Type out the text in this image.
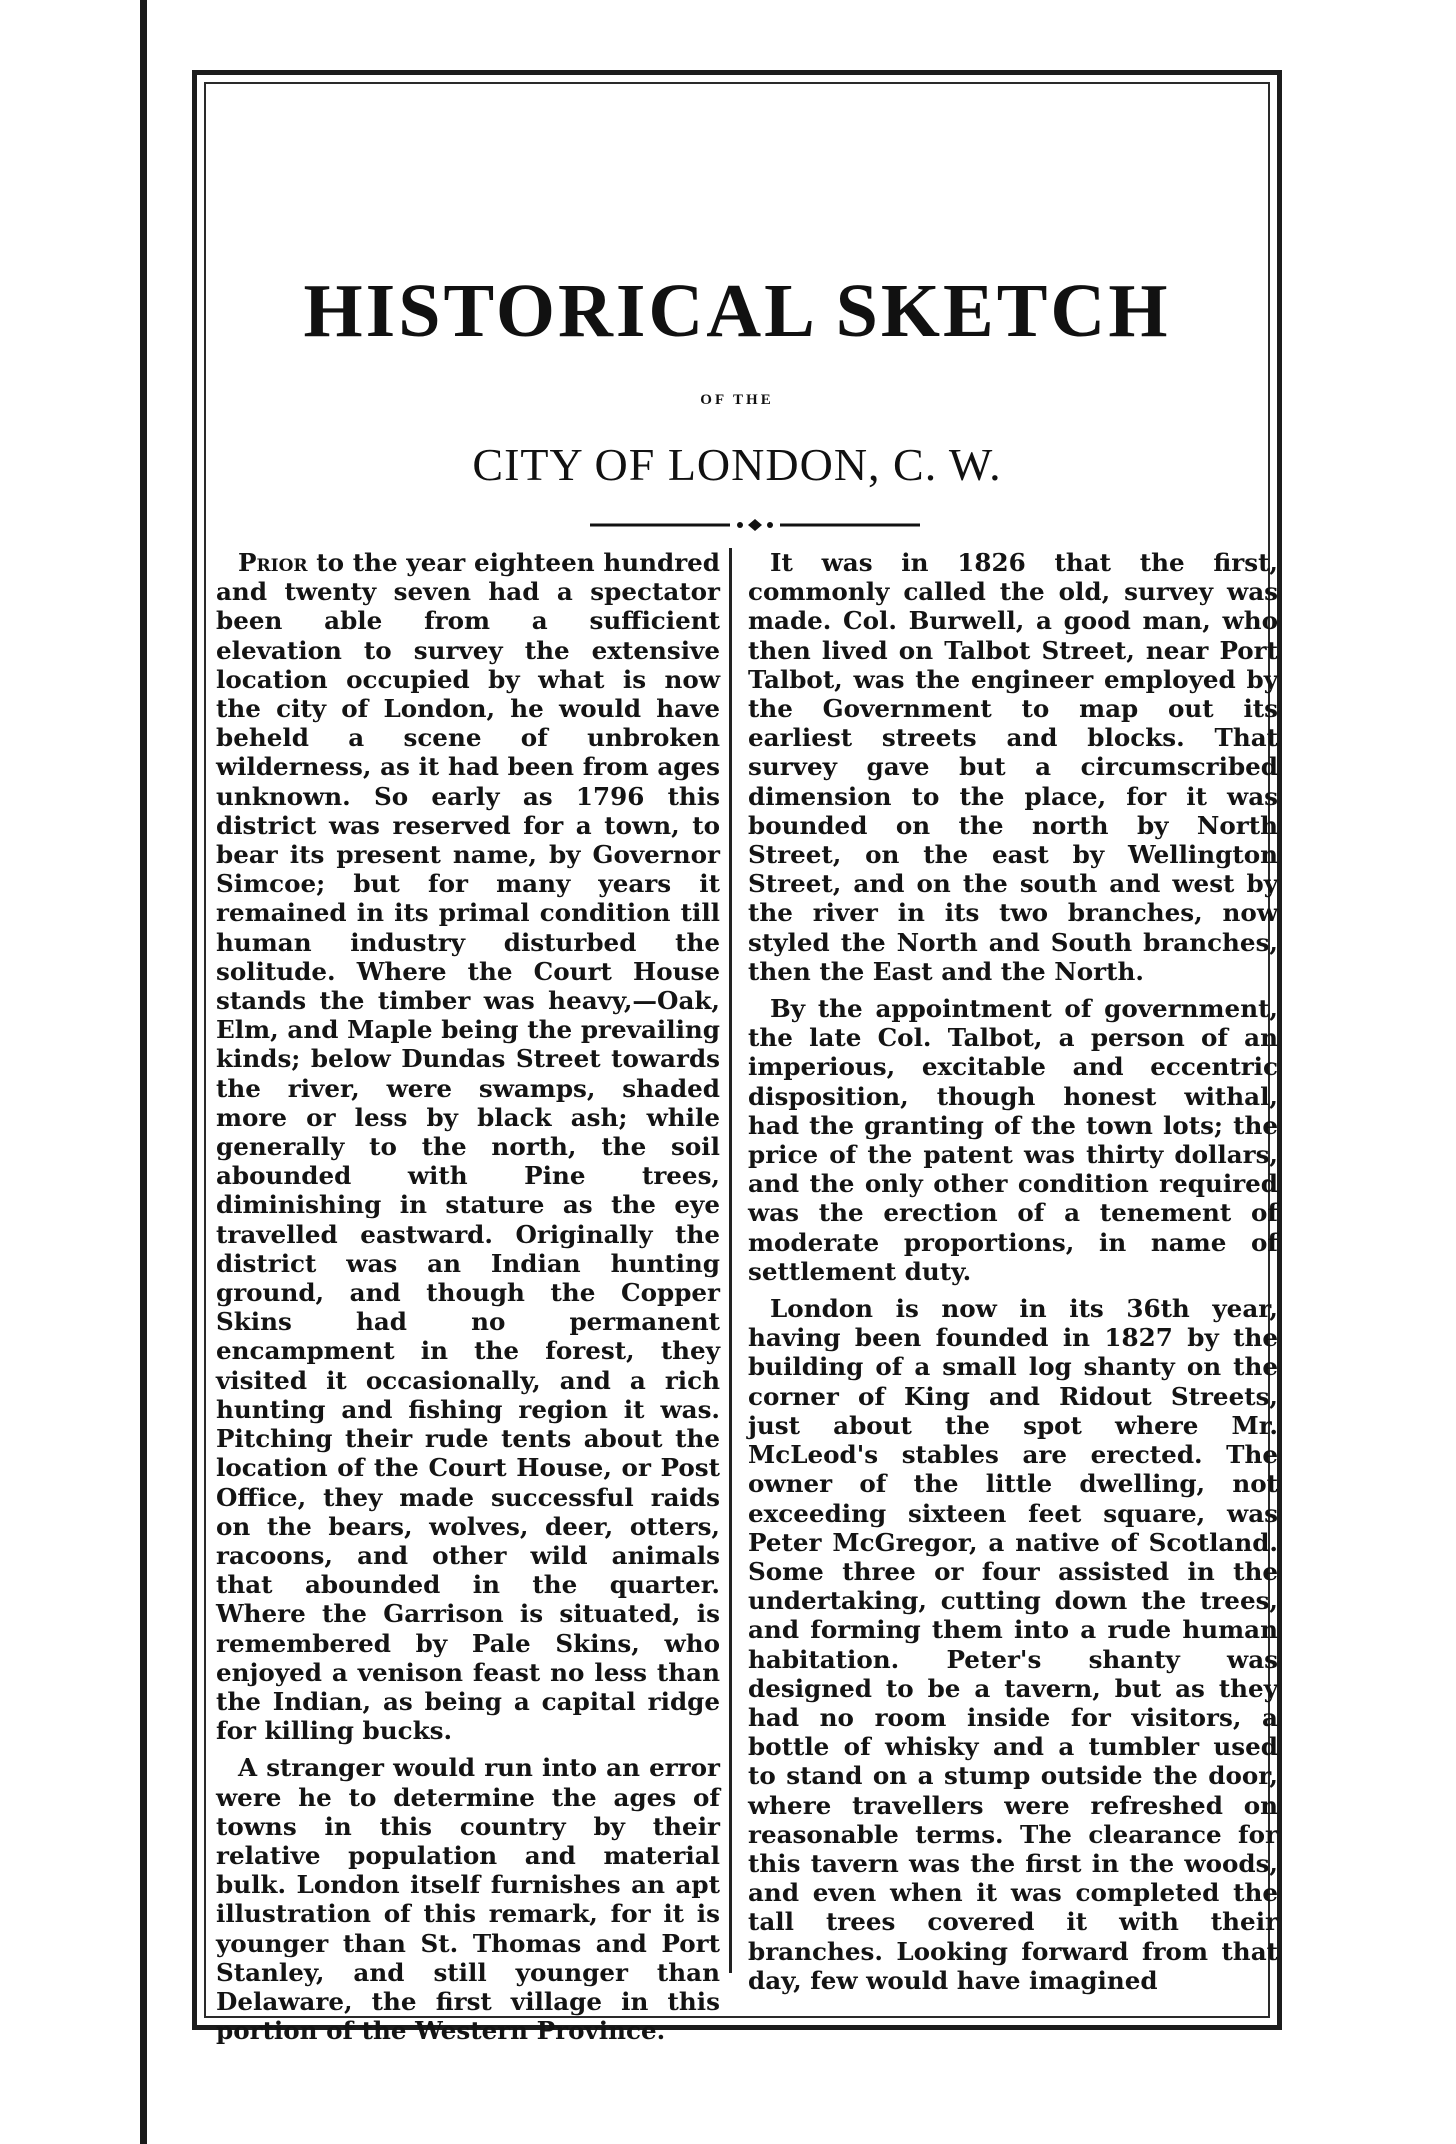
HISTORICAL SKETCH
OF THE
CITY OF LONDON, C. W.

Prior to the year eighteen hundred and twenty seven had a spectator been able from a sufficient elevation to survey the extensive location occupied by what is now the city of London, he would have beheld a scene of unbroken wilderness, as it had been from ages unknown. So early as 1796 this district was reserved for a town, to bear its present name, by Governor Simcoe; but for many years it remained in its primal condition till human industry disturbed the solitude. Where the Court House stands the timber was heavy,—Oak, Elm, and Maple being the prevailing kinds; below Dundas Street towards the river, were swamps, shaded more or less by black ash; while generally to the north, the soil abounded with Pine trees, diminishing in stature as the eye travelled eastward. Originally the district was an Indian hunting ground, and though the Copper Skins had no permanent encampment in the forest, they visited it occasionally, and a rich hunting and fishing region it was. Pitching their rude tents about the location of the Court House, or Post Office, they made successful raids on the bears, wolves, deer, otters, racoons, and other wild animals that abounded in the quarter. Where the Garrison is situated, is remembered by Pale Skins, who enjoyed a venison feast no less than the Indian, as being a capital ridge for killing bucks.

A stranger would run into an error were he to determine the ages of towns in this country by their relative population and material bulk. London itself furnishes an apt illustration of this remark, for it is younger than St. Thomas and Port Stanley, and still younger than Delaware, the first village in this portion of the Western Province.

It was in 1826 that the first, commonly called the old, survey was made. Col. Burwell, a good man, who then lived on Talbot Street, near Port Talbot, was the engineer employed by the Government to map out its earliest streets and blocks. That survey gave but a circumscribed dimension to the place, for it was bounded on the north by North Street, on the east by Wellington Street, and on the south and west by the river in its two branches, now styled the North and South branches, then the East and the North.

By the appointment of government, the late Col. Talbot, a person of an imperious, excitable and eccentric disposition, though honest withal, had the granting of the town lots; the price of the patent was thirty dollars, and the only other condition required was the erection of a tenement of moderate proportions, in name of settlement duty.

London is now in its 36th year, having been founded in 1827 by the building of a small log shanty on the corner of King and Ridout Streets, just about the spot where Mr. McLeod's stables are erected. The owner of the little dwelling, not exceeding sixteen feet square, was Peter McGregor, a native of Scotland. Some three or four assisted in the undertaking, cutting down the trees, and forming them into a rude human habitation. Peter's shanty was designed to be a tavern, but as they had no room inside for visitors, a bottle of whisky and a tumbler used to stand on a stump outside the door, where travellers were refreshed on reasonable terms. The clearance for this tavern was the first in the woods, and even when it was completed the tall trees covered it with their branches. Looking forward from that day, few would have imagined
